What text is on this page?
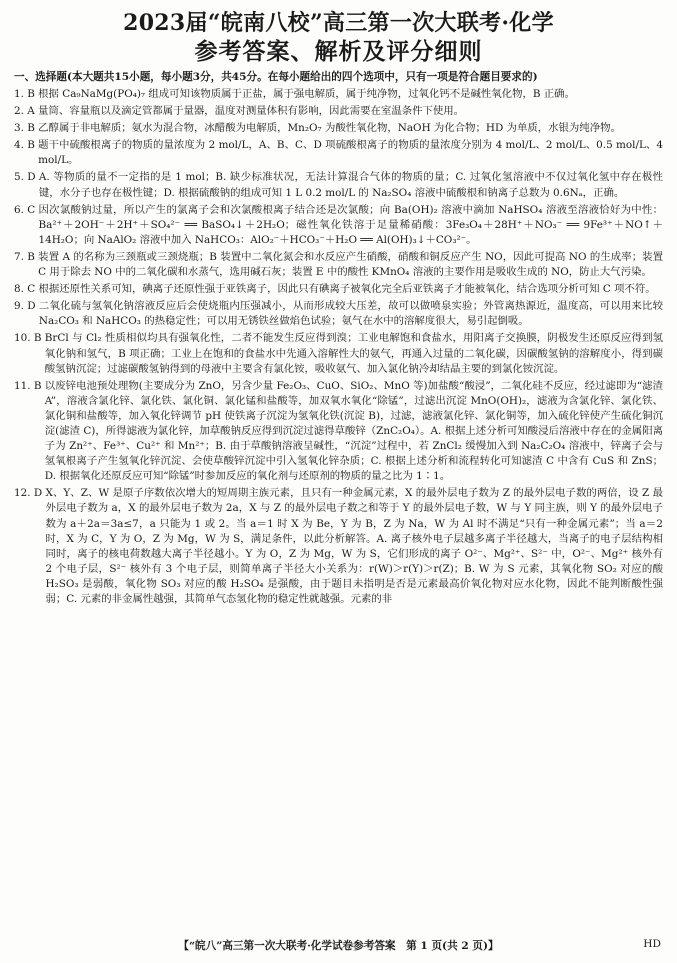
2023届“皖南八校”高三第一次大联考·化学
参考答案、解析及评分细则
一、选择题(本大题共15小题，每小题3分，共45分。在每小题给出的四个选项中，只有一项是符合题目要求的)
1. B
根据 Ca₉NaMg(PO₄)₇ 组成可知该物质属于正盐，属于强电解质，属于纯净物，过氧化钙不是碱性氧化物，B 正确。
2. A
量筒、容量瓶以及滴定管都属于量器，温度对测量体积有影响，因此需要在室温条件下使用。
3. B
乙醇属于非电解质；氨水为混合物，冰醋酸为电解质，Mn₂O₇ 为酸性氧化物，NaOH 为化合物；HD 为单质，水银为纯净物。
4. B
题干中硫酸根离子的物质的量浓度为 2 mol/L，A、B、C、D 项硫酸根离子的物质的量浓度分别为 4 mol/L、2 mol/L、0.5 mol/L、4 mol/L。
5. D
A. 等物质的量不一定指的是 1 mol；B. 缺少标准状况，无法计算混合气体的物质的量；C. 过氧化氢溶液中不仅过氧化氢中存在极性键，水分子也存在极性键；D. 根据硫酸钠的组成可知 1 L 0.2 mol/L 的 Na₂SO₄ 溶液中硫酸根和钠离子总数为 0.6Nₐ，正确。
6. C
因次氯酸钠过量，所以产生的氯离子会和次氯酸根离子结合还是次氯酸；向 Ba(OH)₂ 溶液中滴加 NaHSO₄ 溶液至溶液恰好为中性：Ba²⁺＋2OH⁻＋2H⁺＋SO₄²⁻ ══ BaSO₄↓＋2H₂O；磁性氧化铁溶于足量稀硝酸：3Fe₃O₄＋28H⁺＋NO₃⁻ ══ 9Fe³⁺＋NO↑＋14H₂O；向 NaAlO₂ 溶液中加入 NaHCO₃：AlO₂⁻＋HCO₃⁻＋H₂O ══ Al(OH)₃↓＋CO₃²⁻。
7. B
装置 A 的名称为三颈瓶或三颈烧瓶；B 装置中二氧化氮会和水反应产生硝酸，硝酸和铜反应产生 NO，因此可提高 NO 的生成率；装置 C 用于除去 NO 中的二氧化碳和水蒸气，选用碱石灰；装置 E 中的酸性 KMnO₄ 溶液的主要作用是吸收生成的 NO，防止大气污染。
8. C
根据还原性关系可知，碘离子还原性强于亚铁离子，因此只有碘离子被氧化完全后亚铁离子才能被氧化，结合选项分析可知 C 项不符。
9. D
二氧化硫与氢氧化钠溶液反应后会使烧瓶内压强减小，从而形成较大压差，故可以做喷泉实验；外管离热源近，温度高，可以用来比较 Na₂CO₃ 和 NaHCO₃ 的热稳定性；可以用无锈铁丝做焰色试验；氨气在水中的溶解度很大，易引起倒吸。
10. B
BrCl 与 Cl₂ 性质相似均具有强氧化性，二者不能发生反应得到溴；工业电解饱和食盐水，用阳离子交换膜，阴极发生还原反应得到氢氧化钠和氢气，B 项正确；工业上在饱和的食盐水中先通入溶解性大的氨气，再通入过量的二氧化碳，因碳酸氢钠的溶解度小，得到碳酸氢钠沉淀；过滤碳酸氢钠得到的母液中主要含有氯化铵，吸收氨气、加入氯化钠冷却结晶主要的到氯化铵沉淀。
11. B
以废锌电池预处理物(主要成分为 ZnO，另含少量 Fe₂O₃、CuO、SiO₂、MnO 等)加盐酸“酸浸”，二氧化硅不反应，经过滤即为“滤渣 A”，溶液含氯化锌、氯化铁、氯化铜、氯化锰和盐酸等，加双氧水氧化“除锰”，过滤出沉淀 MnO(OH)₂，滤液为含氯化锌、氯化铁、氯化铜和盐酸等，加入氧化锌调节 pH 使铁离子沉淀为氢氧化铁(沉淀 B)，过滤，滤液氯化锌、氯化铜等，加入硫化锌使产生硫化铜沉淀(滤渣 C)，所得滤液为氯化锌，加草酸钠反应得到沉淀过滤得草酸锌（ZnC₂O₄）。A. 根据上述分析可知酸浸后溶液中存在的金属阳离子为 Zn²⁺、Fe³⁺、Cu²⁺ 和 Mn²⁺；B. 由于草酸钠溶液呈碱性，“沉淀”过程中，若 ZnCl₂ 缓慢加入到 Na₂C₂O₄ 溶液中，锌离子会与氢氧根离子产生氢氧化锌沉淀、会使草酸锌沉淀中引入氢氧化锌杂质；C. 根据上述分析和流程转化可知滤渣 C 中含有 CuS 和 ZnS；D. 根据氧化还原反应可知“除锰”时参加反应的氧化剂与还原剂的物质的量之比为 1∶1。
12. D
X、Y、Z、W 是原子序数依次增大的短周期主族元素，且只有一种金属元素，X 的最外层电子数为 Z 的最外层电子数的两倍，设 Z 最外层电子数为 a，X 的最外层电子数为 2a，X 与 Z 的最外层电子数之和等于 Y 的最外层电子数，W 与 Y 同主族，则 Y 的最外层电子数为 a＋2a＝3a≤7，a 只能为 1 或 2。当 a＝1 时 X 为 Be，Y 为 B，Z 为 Na，W 为 Al 时不满足“只有一种金属元素”；当 a＝2 时，X 为 C，Y 为 O，Z 为 Mg，W 为 S，满足条件，以此分析解答。A. 离子核外电子层越多离子半径越大，当离子的电子层结构相同时，离子的核电荷数越大离子半径越小。Y 为 O，Z 为 Mg，W 为 S，它们形成的离子 O²⁻、Mg²⁺、S²⁻ 中，O²⁻、Mg²⁺ 核外有 2 个电子层，S²⁻ 核外有 3 个电子层，则简单离子半径大小关系为：r(W)＞r(Y)＞r(Z)；B. W 为 S 元素，其氧化物 SO₂ 对应的酸 H₂SO₃ 是弱酸，氧化物 SO₃ 对应的酸 H₂SO₄ 是强酸，由于题目未指明是否是元素最高价氧化物对应水化物，因此不能判断酸性强弱；C. 元素的非金属性越强，其简单气态氢化物的稳定性就越强。元素的非
【“皖八”高三第一次大联考·化学试卷参考答案　第 1 页(共 2 页)】	HD
